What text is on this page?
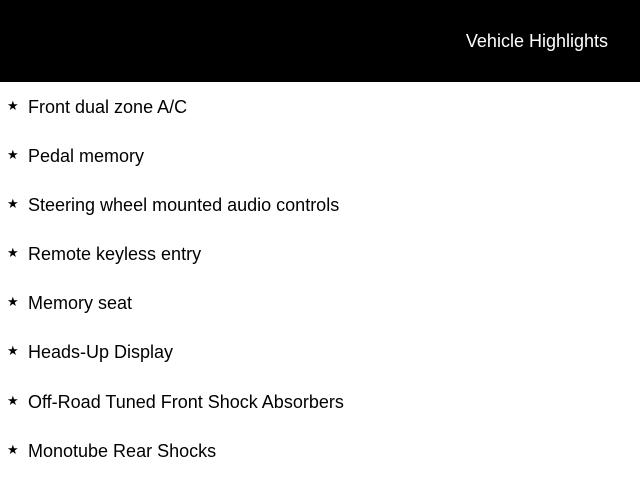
Vehicle Highlights
★ Front dual zone A/C
★ Pedal memory
★ Steering wheel mounted audio controls
★ Remote keyless entry
★ Memory seat
★ Heads-Up Display
★ Off-Road Tuned Front Shock Absorbers
★ Monotube Rear Shocks
